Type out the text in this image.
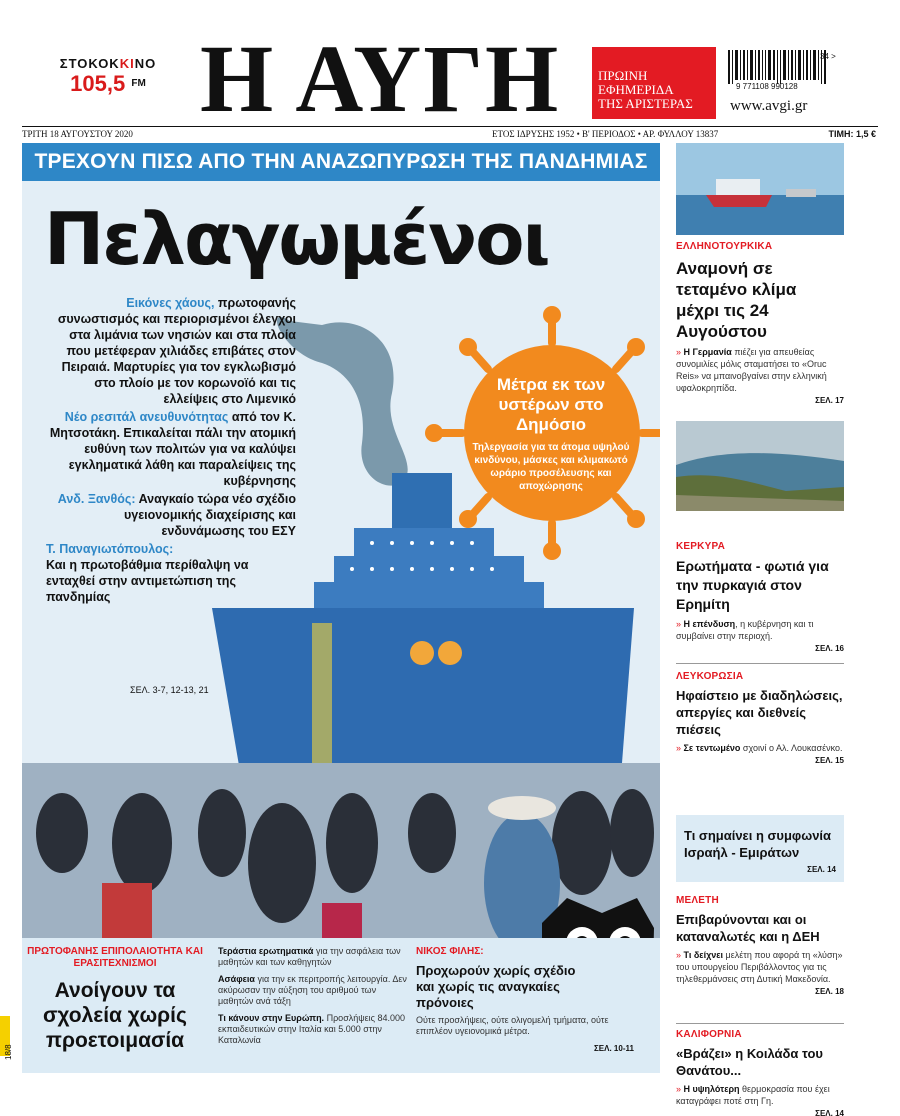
ΣΤΟΚΟΚΚΙΝΟ
105,5 $^{FM}$ Η ΑΥΓΗ	ΠΡΩΙΝΗ
ΕΦΗΜΕΡΙΔΑ
ΤΗΣ ΑΡΙΣΤΕΡΑΣ
9 771108 990128
34 >
www.avgi.gr
ΤΡΙΤΗ 18 ΑΥΓΟΥΣΤΟΥ 2020	ΕΤΟΣ ΙΔΡΥΣΗΣ 1952 • Β' ΠΕΡΙΟΔΟΣ • ΑΡ. ΦΥΛΛΟΥ 13837	ΤΙΜΗ: 1,5 €
ΤΡΕΧΟΥΝ ΠΙΣΩ ΑΠΟ ΤΗΝ ΑΝΑΖΩΠΥΡΩΣΗ ΤΗΣ ΠΑΝΔΗΜΙΑΣ
Πελαγωμένοι
Εικόνες χάους, πρωτοφανής συνωστισμός και περιορισμένοι έλεγχοι στα λιμάνια των νησιών και στα πλοία που μετέφεραν χιλιάδες επιβάτες στον Πειραιά. Μαρτυρίες για τον εγκλωβισμό στο πλοίο με τον κορωνοϊό και τις ελλείψεις στο Λιμενικό
Νέο ρεσιτάλ ανευθυνότητας από τον Κ. Μητσοτάκη. Επικαλείται πάλι την ατομική ευθύνη των πολιτών για να καλύψει εγκληματικά λάθη και παραλείψεις της κυβέρνησης
Ανδ. Ξανθός: Αναγκαίο τώρα νέο σχέδιο υγειονομικής διαχείρισης και ενδυνάμωσης του ΕΣΥ
Τ. Παναγιωτόπουλος:
Και η πρωτοβάθμια περίθαλψη να ενταχθεί στην αντιμετώπιση της πανδημίας
ΣΕΛ. 3-7, 12-13, 21
Μέτρα εκ των υστέρων στο Δημόσιο
Τηλεργασία για τα άτομα υψηλού κινδύνου, μάσκες και κλιμακωτό ωράριο προσέλευσης και αποχώρησης
ΠΡΩΤΟΦΑΝΗΣ ΕΠΙΠΟΛΑΙΟΤΗΤΑ ΚΑΙ ΕΡΑΣΙΤΕΧΝΙΣΜΟΙ
Ανοίγουν τα σχολεία χωρίς προετοιμασία
Τεράστια ερωτηματικά για την ασφάλεια των μαθητών και των καθηγητών
Ασάφεια για την εκ περιτροπής λειτουργία. Δεν ακύρωσαν την αύξηση του αριθμού των μαθητών ανά τάξη
Τι κάνουν στην Ευρώπη. Προσλήψεις 84.000 εκπαιδευτικών στην Ιταλία και 5.000 στην Καταλωνία
ΝΙΚΟΣ ΦΙΛΗΣ:
Προχωρούν χωρίς σχέδιο και χωρίς τις αναγκαίες πρόνοιες
Ούτε προσλήψεις, ούτε ολιγομελή τμήματα, ούτε επιπλέον υγειονομικά μέτρα.
ΣΕΛ. 10-11
ΕΛΛΗΝΟΤΟΥΡΚΙΚΑ
Αναμονή σε τεταμένο κλίμα μέχρι τις 24 Αυγούστου
» Η Γερμανία πιέζει για απευθείας συνομιλίες μόλις σταματήσει το «Oruc Reis» να μπαινοβγαίνει στην ελληνική υφαλοκρηπίδα.
ΣΕΛ. 17
ΚΕΡΚΥΡΑ
Ερωτήματα - φωτιά για την πυρκαγιά στον Ερημίτη
» Η επένδυση, η κυβέρνηση και τι συμβαίνει στην περιοχή.
ΣΕΛ. 16
ΛΕΥΚΟΡΩΣΙΑ
Ηφαίστειο με διαδηλώσεις, απεργίες και διεθνείς πιέσεις
» Σε τεντωμένο σχοινί ο Αλ. Λουκασένκο.
ΣΕΛ. 15
Τι σημαίνει η συμφωνία Ισραήλ - Εμιράτων
ΣΕΛ. 14
ΜΕΛΕΤΗ
Επιβαρύνονται και οι καταναλωτές και η ΔΕΗ
» Τι δείχνει μελέτη που αφορά τη «λύση» του υπουργείου Περιβάλλοντος για τις τηλεθερμάνσεις στη Δυτική Μακεδονία.
ΣΕΛ. 18
ΚΑΛΙΦΟΡΝΙΑ
«Βράζει» η Κοιλάδα του Θανάτου...
» Η υψηλότερη θερμοκρασία που έχει καταγράφει ποτέ στη Γη.
ΣΕΛ. 14
18/8
